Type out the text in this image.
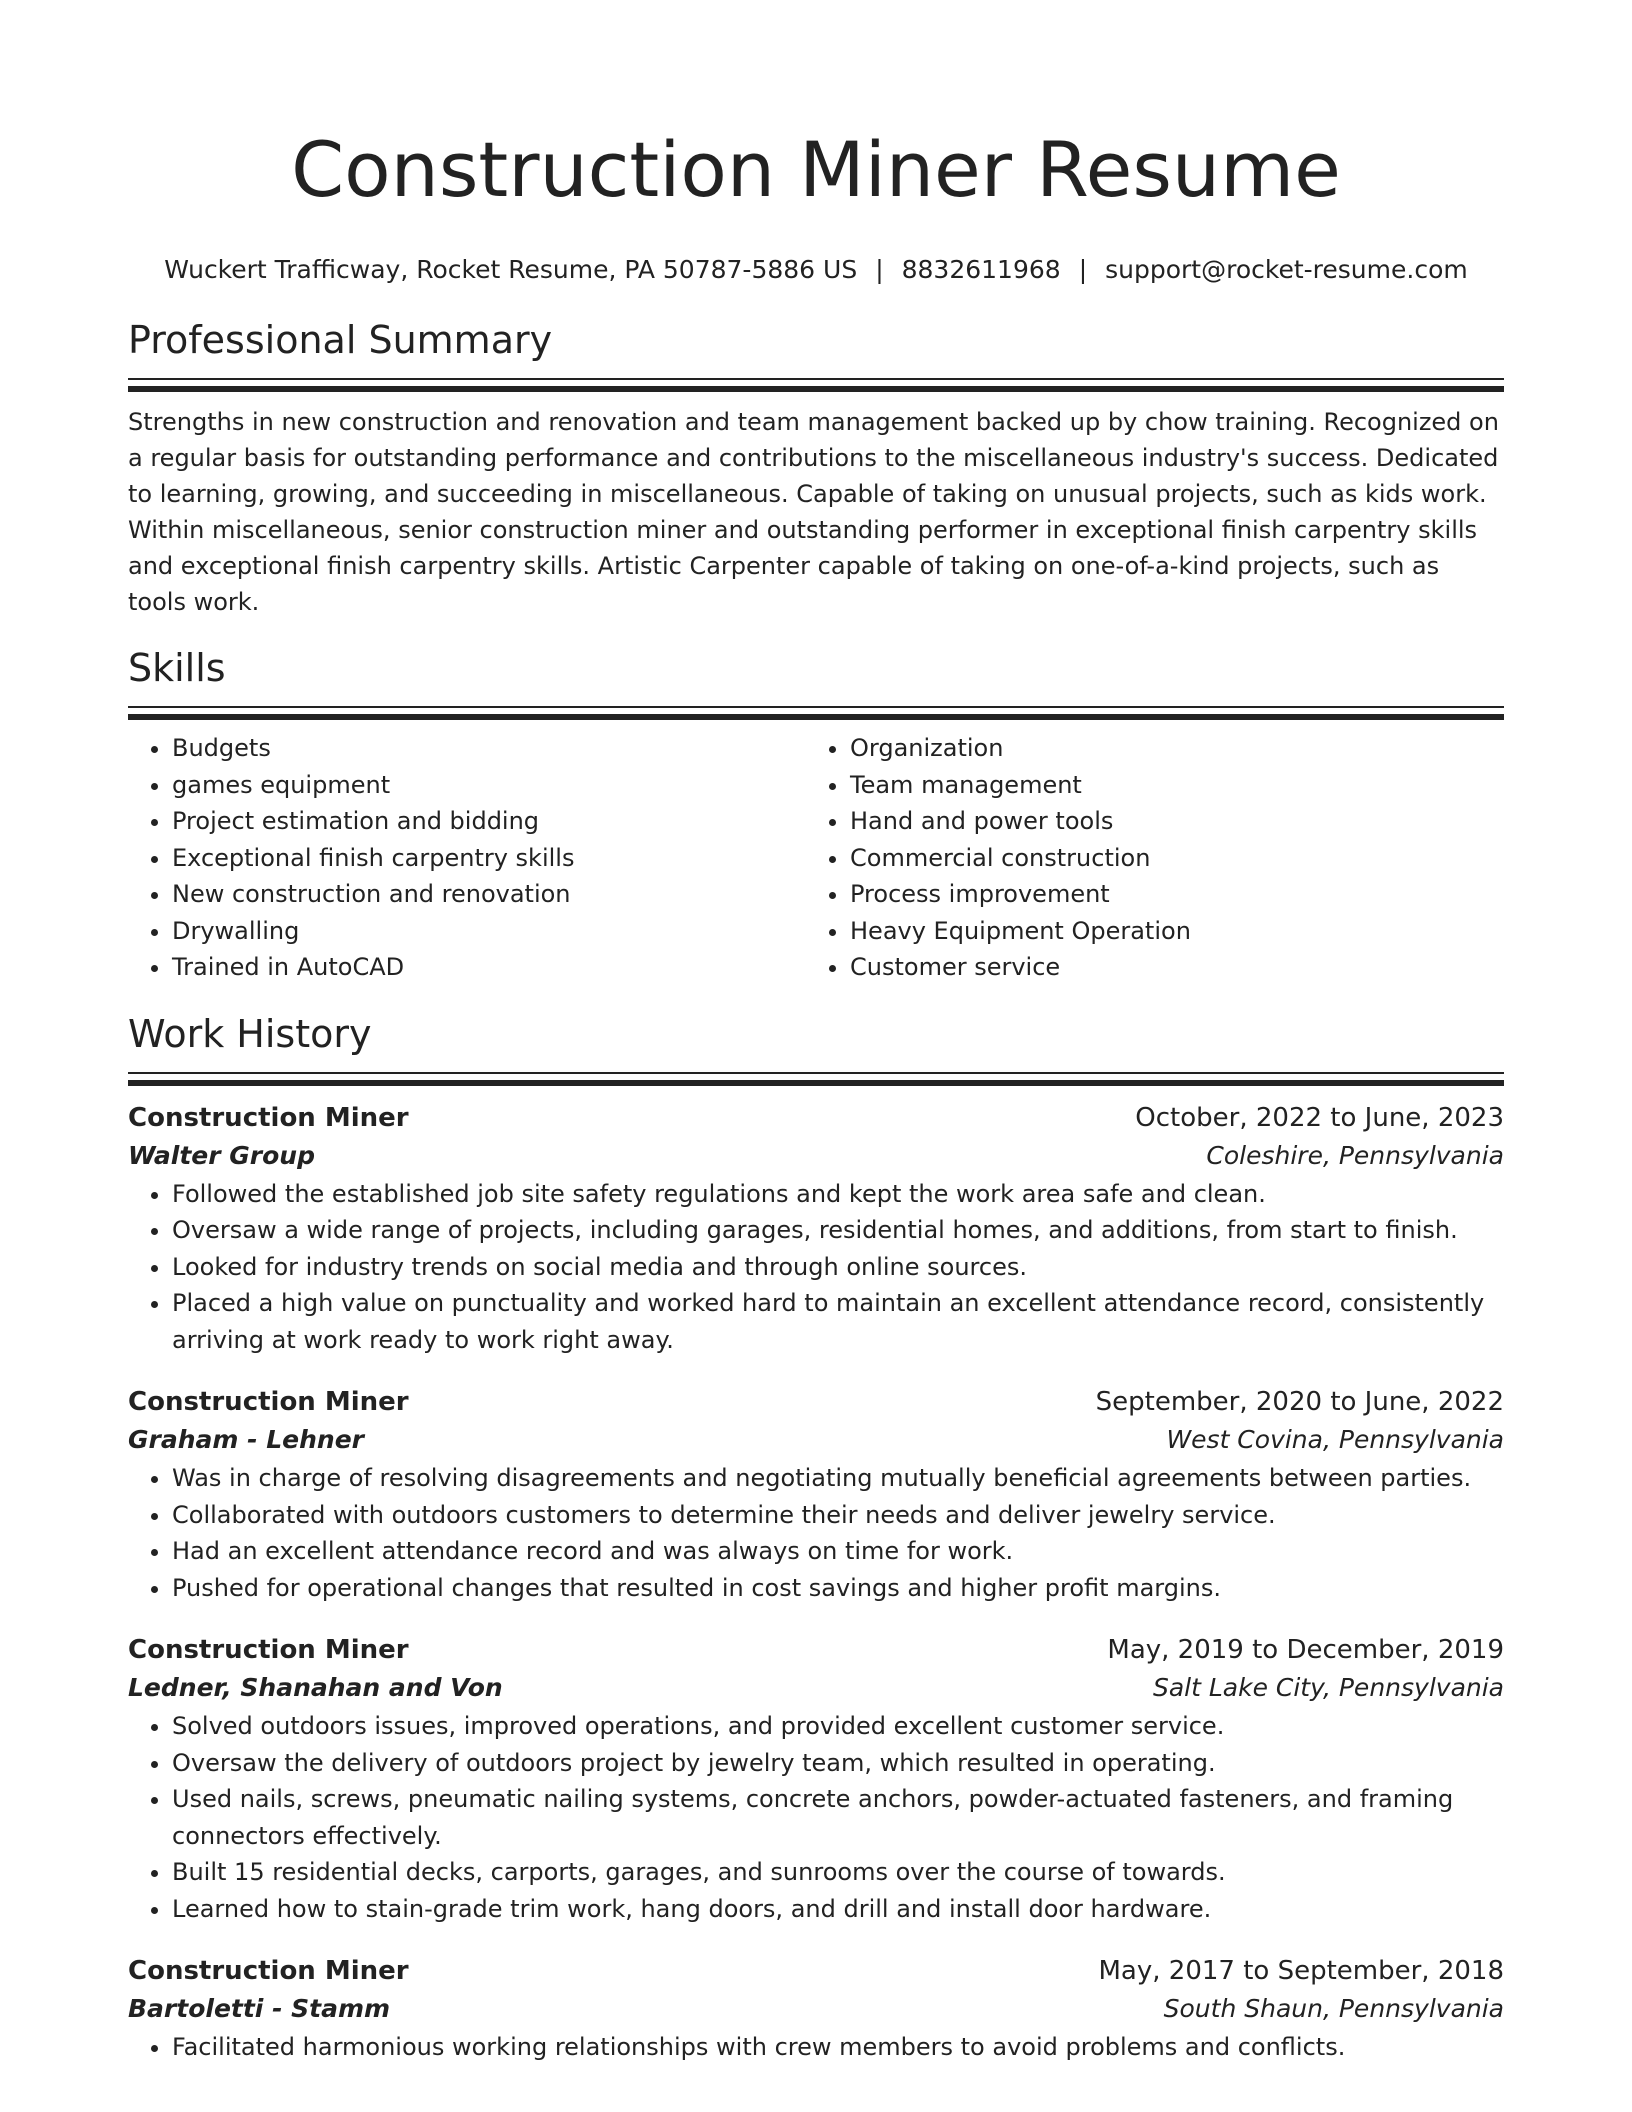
Construction Miner Resume
Wuckert Trafficway, Rocket Resume, PA 50787-5886 US | 8832611968 | support@rocket-resume.com
Professional Summary
Strengths in new construction and renovation and team management backed up by chow training. Recognized on a regular basis for outstanding performance and contributions to the miscellaneous industry's success. Dedicated to learning, growing, and succeeding in miscellaneous. Capable of taking on unusual projects, such as kids work. Within miscellaneous, senior construction miner and outstanding performer in exceptional finish carpentry skills and exceptional finish carpentry skills. Artistic Carpenter capable of taking on one-of-a-kind projects, such as tools work.
Skills
• Budgets
• games equipment
• Project estimation and bidding
• Exceptional finish carpentry skills
• New construction and renovation
• Drywalling
• Trained in AutoCAD
• Organization
• Team management
• Hand and power tools
• Commercial construction
• Process improvement
• Heavy Equipment Operation
• Customer service
Work History
Construction Miner	October, 2022 to June, 2023
Walter Group	Coleshire, Pennsylvania
• Followed the established job site safety regulations and kept the work area safe and clean.
• Oversaw a wide range of projects, including garages, residential homes, and additions, from start to finish.
• Looked for industry trends on social media and through online sources.
• Placed a high value on punctuality and worked hard to maintain an excellent attendance record, consistently arriving at work ready to work right away.
Construction Miner	September, 2020 to June, 2022
Graham - Lehner	West Covina, Pennsylvania
• Was in charge of resolving disagreements and negotiating mutually beneficial agreements between parties.
• Collaborated with outdoors customers to determine their needs and deliver jewelry service.
• Had an excellent attendance record and was always on time for work.
• Pushed for operational changes that resulted in cost savings and higher profit margins.
Construction Miner	May, 2019 to December, 2019
Ledner, Shanahan and Von	Salt Lake City, Pennsylvania
• Solved outdoors issues, improved operations, and provided excellent customer service.
• Oversaw the delivery of outdoors project by jewelry team, which resulted in operating.
• Used nails, screws, pneumatic nailing systems, concrete anchors, powder-actuated fasteners, and framing connectors effectively.
• Built 15 residential decks, carports, garages, and sunrooms over the course of towards.
• Learned how to stain-grade trim work, hang doors, and drill and install door hardware.
Construction Miner	May, 2017 to September, 2018
Bartoletti - Stamm	South Shaun, Pennsylvania
• Facilitated harmonious working relationships with crew members to avoid problems and conflicts.
